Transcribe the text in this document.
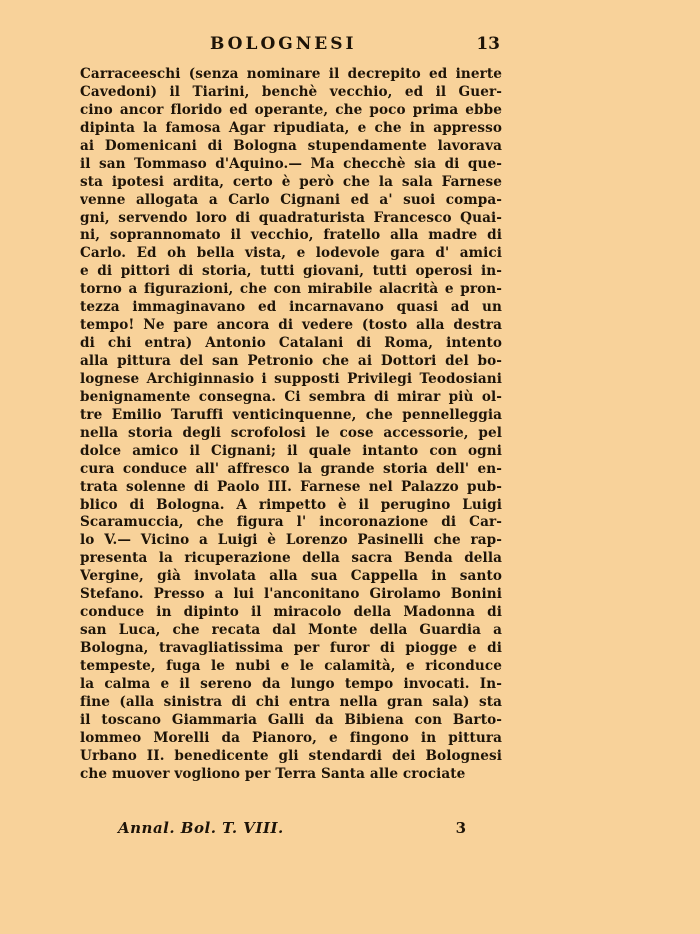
BOLOGNESI	13
Carraceeschi (senza nominare il decrepito ed inerte
Cavedoni) il Tiarini, benchè vecchio, ed il Guer-
cino ancor florido ed operante, che poco prima ebbe
dipinta la famosa Agar ripudiata, e che in appresso
ai Domenicani di Bologna stupendamente lavorava
il san Tommaso d'Aquino.— Ma checchè sia di que-
sta ipotesi ardita, certo è però che la sala Farnese
venne allogata a Carlo Cignani ed a' suoi compa-
gni, servendo loro di quadraturista Francesco Quai-
ni, soprannomato il vecchio, fratello alla madre di
Carlo. Ed oh bella vista, e lodevole gara d' amici
e di pittori di storia, tutti giovani, tutti operosi in-
torno a figurazioni, che con mirabile alacrità e pron-
tezza immaginavano ed incarnavano quasi ad un
tempo! Ne pare ancora di vedere (tosto alla destra
di chi entra) Antonio Catalani di Roma, intento
alla pittura del san Petronio che ai Dottori del bo-
lognese Archiginnasio i supposti Privilegi Teodosiani
benignamente consegna. Ci sembra di mirar più ol-
tre Emilio Taruffi venticinquenne, che pennelleggia
nella storia degli scrofolosi le cose accessorie, pel
dolce amico il Cignani; il quale intanto con ogni
cura conduce all' affresco la grande storia dell' en-
trata solenne di Paolo III. Farnese nel Palazzo pub-
blico di Bologna. A rimpetto è il perugino Luigi
Scaramuccia, che figura l' incoronazione di Car-
lo V.— Vicino a Luigi è Lorenzo Pasinelli che rap-
presenta la ricuperazione della sacra Benda della
Vergine, già involata alla sua Cappella in santo
Stefano. Presso a lui l'anconitano Girolamo Bonini
conduce in dipinto il miracolo della Madonna di
san Luca, che recata dal Monte della Guardia a
Bologna, travagliatissima per furor di piogge e di
tempeste, fuga le nubi e le calamità, e riconduce
la calma e il sereno da lungo tempo invocati. In-
fine (alla sinistra di chi entra nella gran sala) sta
il toscano Giammaria Galli da Bibiena con Barto-
lommeo Morelli da Pianoro, e fingono in pittura
Urbano II. benedicente gli stendardi dei Bolognesi
che muover vogliono per Terra Santa alle crociate
Annal. Bol. T. VIII.	3
